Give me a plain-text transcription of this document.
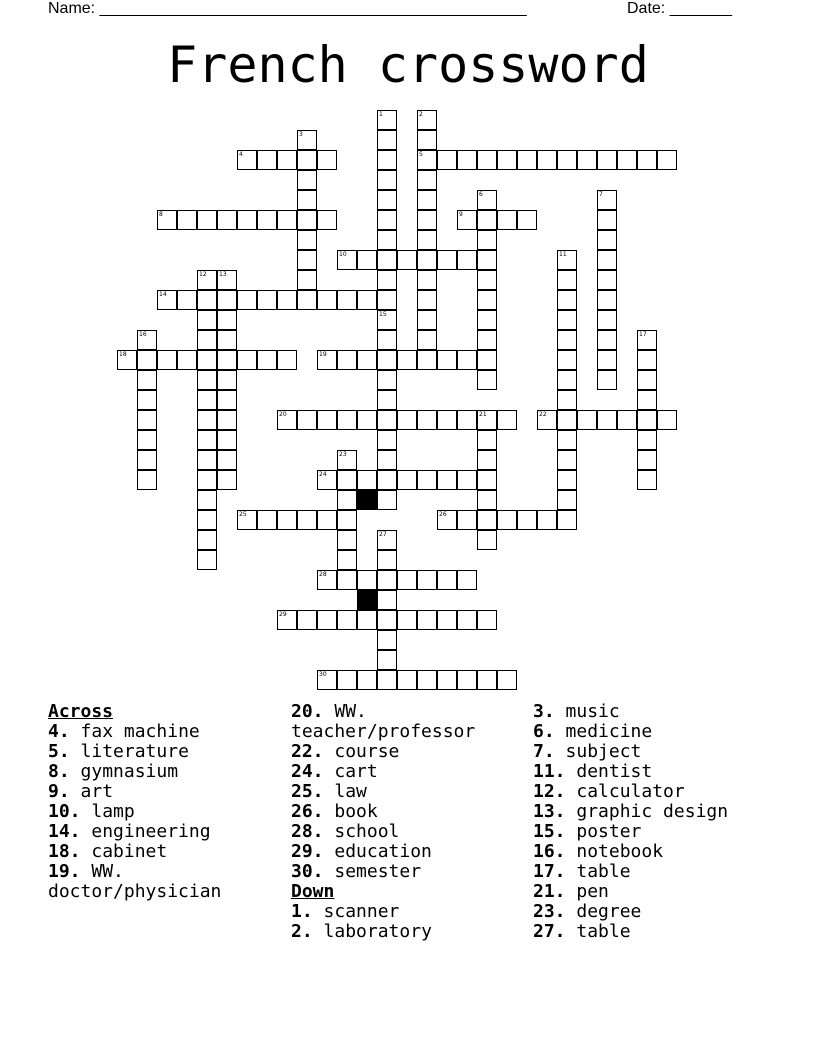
Name: ________________________________________________	Date: _______
French crossword
1	2
5
3
4
6	7
8	9
10	11
12 13
14
15
16	17
18	19
20	21	22
23
24
25	26
27
28
29
30
Across
4. fax machine
5. literature
8. gymnasium
9. art
10. lamp
14. engineering
18. cabinet
19. WW. doctor/physician
20. WW. teacher/professor
22. course
24. cart
25. law
26. book
28. school
29. education
30. semester
Down
1. scanner
2. laboratory
3. music
6. medicine
7. subject
11. dentist
12. calculator
13. graphic design
15. poster
16. notebook
17. table
21. pen
23. degree
27. table
